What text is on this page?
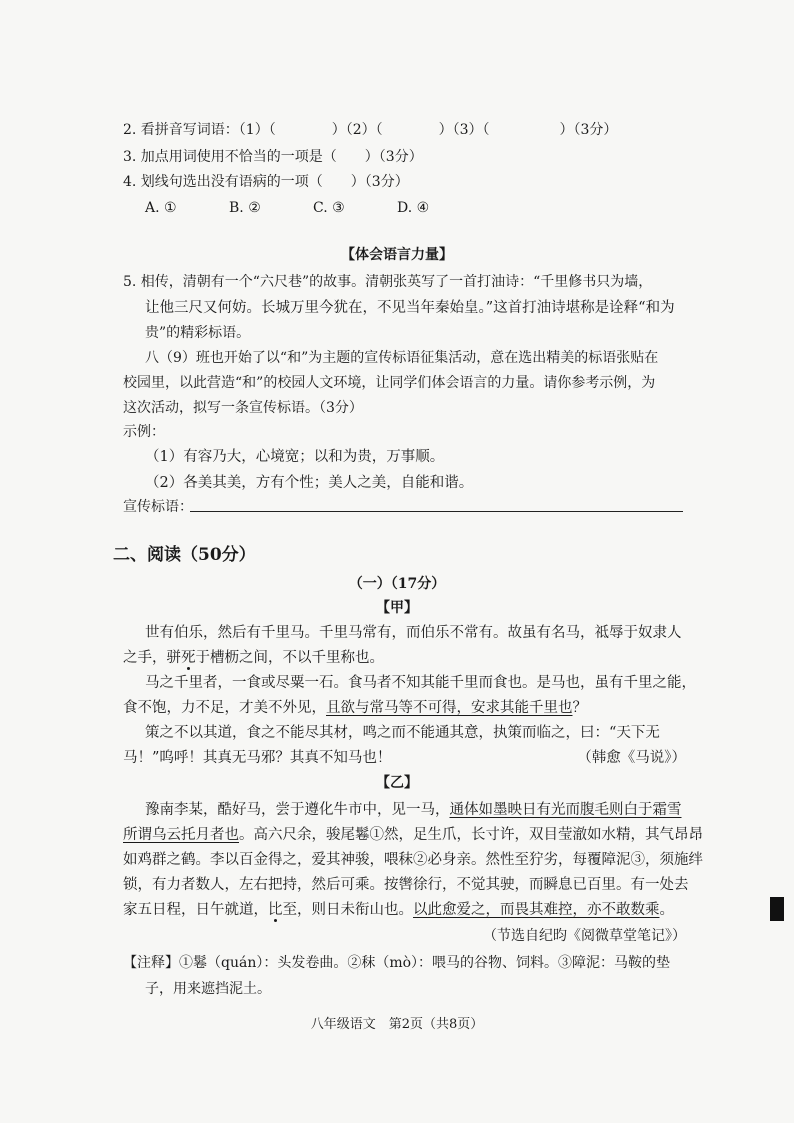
2. 看拼音写词语：（1）（　　　　）（2）（　　　　）（3）（　　　　　）（3分）
3. 加点用词使用不恰当的一项是（　　）（3分）
4. 划线句选出没有语病的一项（　　）（3分）
A. ①	B. ②	C. ③	D. ④
【体会语言力量】
5. 相传，清朝有一个“六尺巷”的故事。清朝张英写了一首打油诗：“千里修书只为墙，
让他三尺又何妨。长城万里今犹在，不见当年秦始皇。”这首打油诗堪称是诠释“和为
贵”的精彩标语。
八（9）班也开始了以“和”为主题的宣传标语征集活动，意在选出精美的标语张贴在
校园里，以此营造“和”的校园人文环境，让同学们体会语言的力量。请你参考示例，为
这次活动，拟写一条宣传标语。（3分）
示例：
（1）有容乃大，心境宽；以和为贵，万事顺。
（2）各美其美，方有个性；美人之美，自能和谐。
宣传标语：
二、阅读（50分）
（一）（17分）
【甲】
世有伯乐，然后有千里马。千里马常有，而伯乐不常有。故虽有名马，祗辱于奴隶人
之手，骈死于槽枥之间，不以千里称也。
马之千里者，一食或尽粟一石。食马者不知其能千里而食也。是马也，虽有千里之能，
食不饱，力不足，才美不外见，且欲与常马等不可得，安求其能千里也？
策之不以其道，食之不能尽其材，鸣之而不能通其意，执策而临之，曰：“天下无
马！”呜呼！其真无马邪？其真不知马也！	（韩愈《马说》）
【乙】
豫南李某，酷好马，尝于遵化牛市中，见一马，通体如墨映日有光而腹毛则白于霜雪
所谓乌云托月者也。高六尺余，骏尾鬈①然，足生爪，长寸许，双目莹澈如水精，其气昂昂
如鸡群之鹤。李以百金得之，爱其神骏，喂秣②必身亲。然性至狞劣，每覆障泥③，须施绊
锁，有力者数人，左右把持，然后可乘。按辔徐行，不觉其驶，而瞬息已百里。有一处去
家五日程，日午就道，比至，则日未衔山也。以此愈爱之，而畏其难控，亦不敢数乘。
（节选自纪昀《阅微草堂笔记》）
【注释】①鬈（quán）：头发卷曲。②秣（mò）：喂马的谷物、饲料。③障泥：马鞍的垫
子，用来遮挡泥土。
八年级语文　第2页（共8页）
